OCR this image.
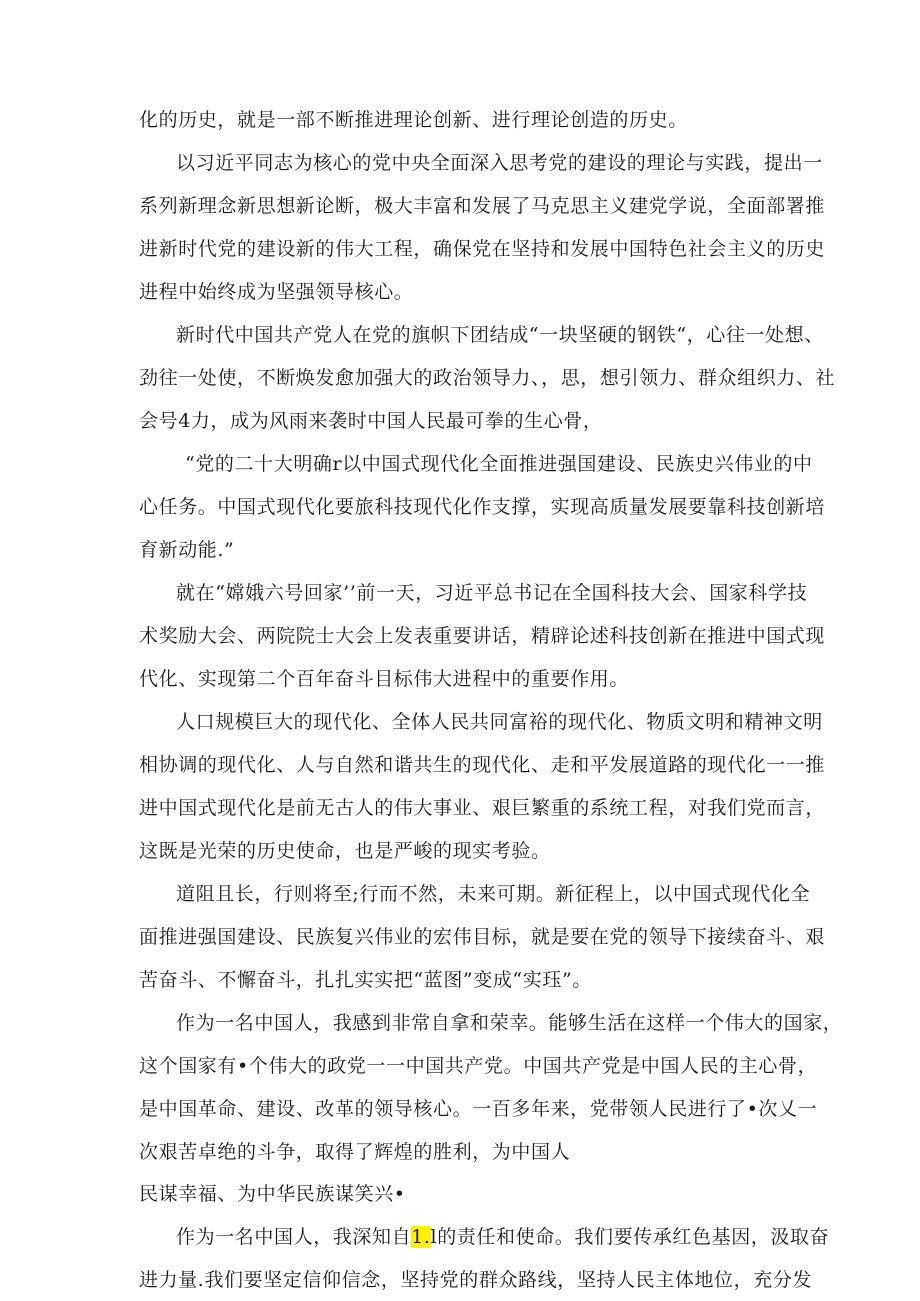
化的历史，就是一部不断推进理论创新、进行理论创造的历史。
以习近平同志为核心的党中央全面深入思考党的建设的理论与实践，提出一
系列新理念新思想新论断，极大丰富和发展了马克思主义建党学说，全面部署推
进新时代党的建设新的伟大工程，确保党在坚持和发展中国特色社会主义的历史
进程中始终成为坚强领导核心。
新时代中国共产党人在党的旗帜下团结成“一块坚硬的钢铁“，心往一处想、
劲往一处使，不断焕发愈加强大的政治领导力、，思，想引领力、群众组织力、社
会号4力，成为风雨来袭时中国人民最可拳的生心骨，
“党的二十大明确r以中国式现代化全面推进强国建设、民族史兴伟业的中
心任务。中国式现代化要旅科技现代化作支撑，实现高质量发展要靠科技创新培
育新动能.”
就在“嫦娥六号回家’’前一天，习近平总书记在全国科技大会、国家科学技
术奖励大会、两院院士大会上发表重要讲话，精辟论述科技创新在推进中国式现
代化、实现第二个百年奋斗目标伟大进程中的重要作用。
人口规模巨大的现代化、全体人民共同富裕的现代化、物质文明和精神文明
相协调的现代化、人与自然和谐共生的现代化、走和平发展道路的现代化一一推
进中国式现代化是前无古人的伟大事业、艰巨繁重的系统工程，对我们党而言，
这既是光荣的历史使命，也是严峻的现实考验。
道阻且长，行则将至;行而不然，未来可期。新征程上，以中国式现代化全
面推进强国建设、民族复兴伟业的宏伟目标，就是要在党的领导下接续奋斗、艰
苦奋斗、不懈奋斗，扎扎实实把“蓝图”变成“实珏”。
作为一名中国人，我感到非常自拿和荣幸。能够生活在这样一个伟大的国家，
这个国家有•个伟大的政党一一中国共产党。中国共产党是中国人民的主心骨，
是中国革命、建设、改革的领导核心。一百多年来，党带领人民进行了•次乂一
次艰苦卓绝的斗争，取得了辉煌的胜利，为中国人
民谋幸福、为中华民族谋笑兴•
作为一名中国人，我深知自1.l的责任和使命。我们要传承红色基因，汲取奋
进力量.我们要坚定信仰信念，坚持党的群众路线，坚持人民主体地位，充分发
